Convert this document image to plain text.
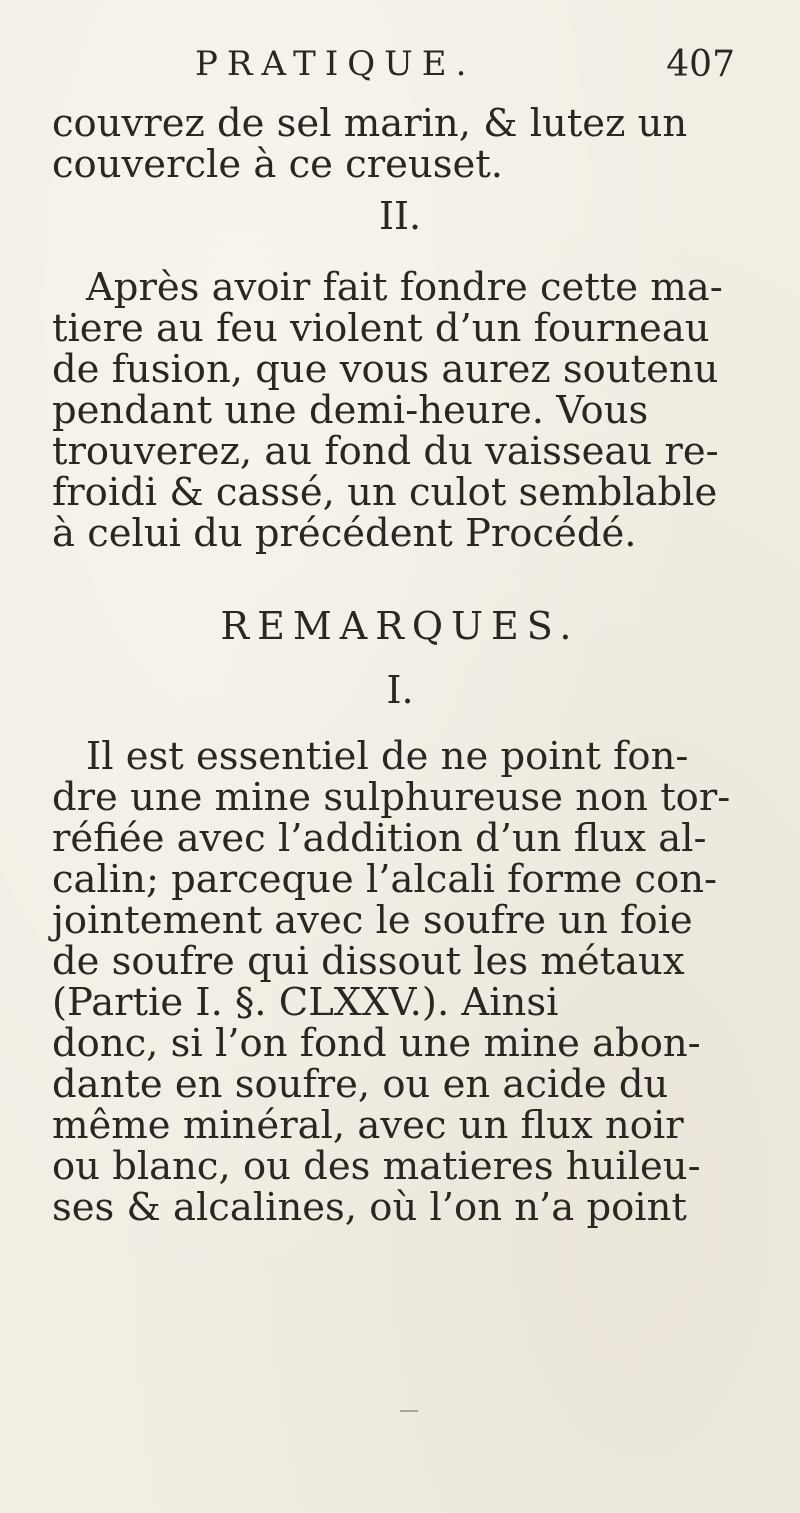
PRATIQUE.	407
couvrez de sel marin, & lutez un
couvercle à ce creuset.
II.
Après avoir fait fondre cette ma-
tiere au feu violent d’un fourneau
de fusion, que vous aurez soutenu
pendant une demi-heure. Vous
trouverez, au fond du vaisseau re-
froidi & cassé, un culot semblable
à celui du précédent Procédé.
REMARQUES.
I.
Il est essentiel de ne point fon-
dre une mine sulphureuse non tor-
réfiée avec l’addition d’un flux al-
calin; parceque l’alcali forme con-
jointement avec le soufre un foie
de soufre qui dissout les métaux
(Partie I. §. CLXXV.). Ainsi
donc, si l’on fond une mine abon-
dante en soufre, ou en acide du
même minéral, avec un flux noir
ou blanc, ou des matieres huileu-
ses & alcalines, où l’on n’a point
